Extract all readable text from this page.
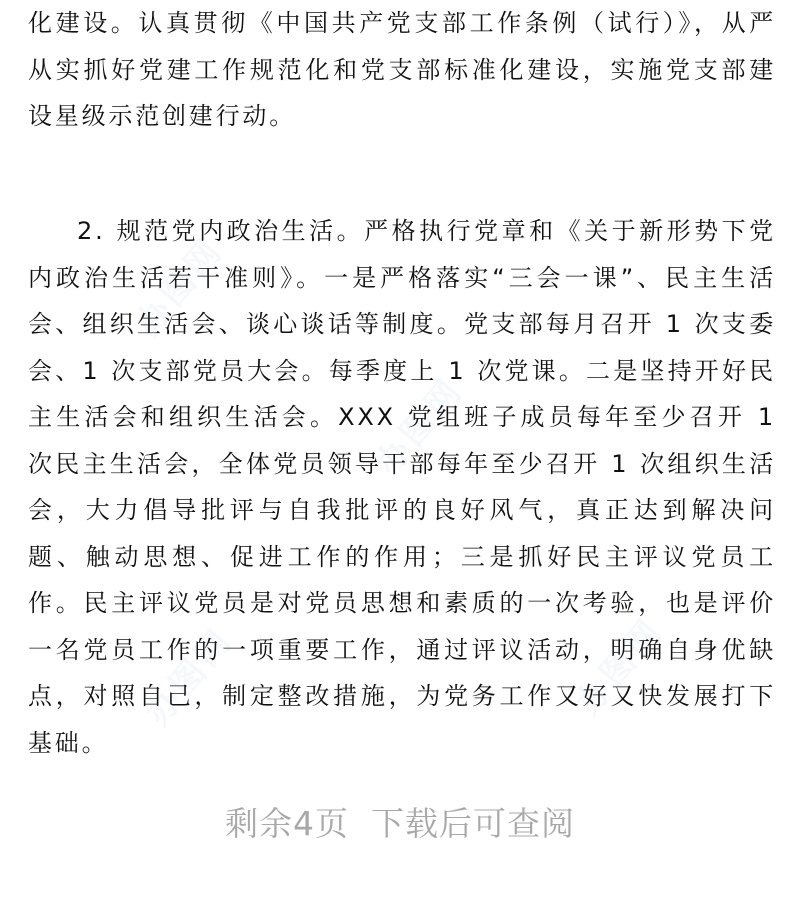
化建设。认真贯彻《中国共产党支部工作条例（试行）》，从严从实抓好党建工作规范化和党支部标准化建设，实施党支部建设星级示范创建行动。

2. 规范党内政治生活。严格执行党章和《关于新形势下党内政治生活若干准则》。一是严格落实“三会一课”、民主生活会、组织生活会、谈心谈话等制度。党支部每月召开 1 次支委会、1 次支部党员大会。每季度上 1 次党课。二是坚持开好民主生活会和组织生活会。XXX 党组班子成员每年至少召开 1 次民主生活会，全体党员领导干部每年至少召开 1 次组织生活会，大力倡导批评与自我批评的良好风气，真正达到解决问题、触动思想、促进工作的作用；三是抓好民主评议党员工作。民主评议党员是对党员思想和素质的一次考验，也是评价一名党员工作的一项重要工作，通过评议活动，明确自身优缺点，对照自己，制定整改措施，为党务工作又好又快发展打下基础。

办图网
办图网
办图网
办图网

剩余4页 下载后可查阅
